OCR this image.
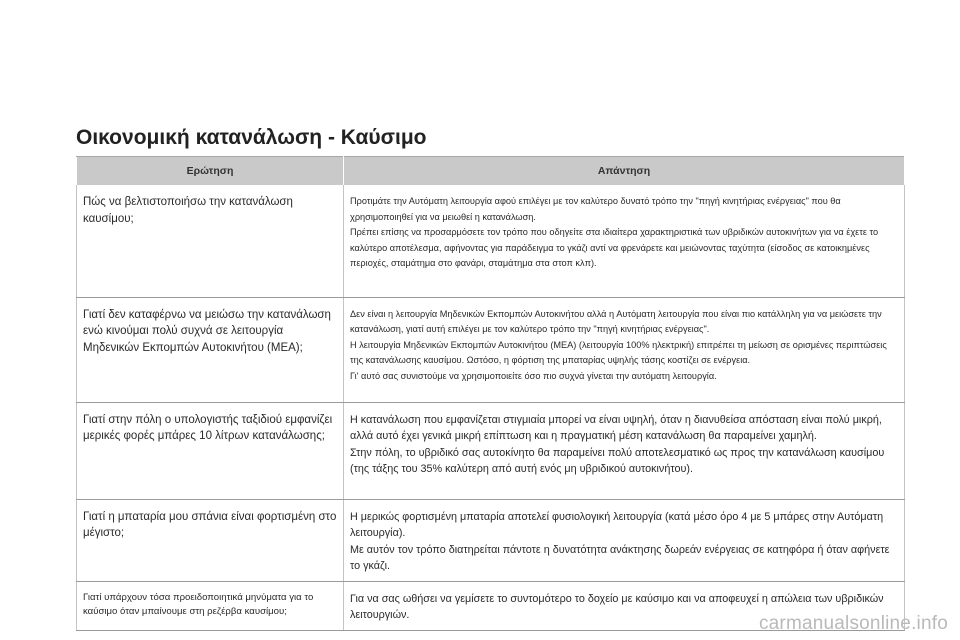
Οικονομική κατανάλωση - Καύσιμο
Ερώτηση	Απάντηση
Πώς να βελτιστοποιήσω την κατανάλωση καυσίμου;	Προτιμάτε την Αυτόματη λειτουργία αφού επιλέγει με τον καλύτερο δυνατό τρόπο την "πηγή κινητήριας ενέργειας" που θα χρησιμοποιηθεί για να μειωθεί η κατανάλωση.

Πρέπει επίσης να προσαρμόσετε τον τρόπο που οδηγείτε στα ιδιαίτερα χαρακτηριστικά των υβριδικών αυτοκινήτων για να έχετε το καλύτερο αποτέλεσμα, αφήνοντας για παράδειγμα το γκάζι αντί να φρενάρετε και μειώνοντας ταχύτητα (είσοδος σε κατοικημένες περιοχές, σταμάτημα στο φανάρι, σταμάτημα στα στοπ κλπ).

Γιατί δεν καταφέρνω να μειώσω την κατανάλωση ενώ κινούμαι πολύ συχνά σε λειτουργία Μηδενικών Εκπομπών Αυτοκινήτου (ΜΕΑ);	Δεν είναι η λειτουργία Μηδενικών Εκπομπών Αυτοκινήτου αλλά η Αυτόματη λειτουργία που είναι πιο κατάλληλη για να μειώσετε την κατανάλωση, γιατί αυτή επιλέγει με τον καλύτερο τρόπο την "πηγή κινητήριας ενέργειας".

Η λειτουργία Μηδενικών Εκπομπών Αυτοκινήτου (ΜΕΑ) (λειτουργία 100% ηλεκτρική) επιτρέπει τη μείωση σε ορισμένες περιπτώσεις της κατανάλωσης καυσίμου. Ωστόσο, η φόρτιση της μπαταρίας υψηλής τάσης κοστίζει σε ενέργεια.

Γι' αυτό σας συνιστούμε να χρησιμοποιείτε όσο πιο συχνά γίνεται την αυτόματη λειτουργία.

Γιατί στην πόλη ο υπολογιστής ταξιδιού εμφανίζει μερικές φορές μπάρες 10 λίτρων κατανάλωσης;	Η κατανάλωση που εμφανίζεται στιγμιαία μπορεί να είναι υψηλή, όταν η διανυθείσα απόσταση είναι πολύ μικρή, αλλά αυτό έχει γενικά μικρή επίπτωση και η πραγματική μέση κατανάλωση θα παραμείνει χαμηλή.

Στην πόλη, το υβριδικό σας αυτοκίνητο θα παραμείνει πολύ αποτελεσματικό ως προς την κατανάλωση καυσίμου (της τάξης του 35% καλύτερη από αυτή ενός μη υβριδικού αυτοκινήτου).

Γιατί η μπαταρία μου σπάνια είναι φορτισμένη στο μέγιστο;	Η μερικώς φορτισμένη μπαταρία αποτελεί φυσιολογική λειτουργία (κατά μέσο όρο 4 με 5 μπάρες στην Αυτόματη λειτουργία).

Με αυτόν τον τρόπο διατηρείται πάντοτε η δυνατότητα ανάκτησης δωρεάν ενέργειας σε κατηφόρα ή όταν αφήνετε το γκάζι.

Γιατί υπάρχουν τόσα προειδοποιητικά μηνύματα για το καύσιμο όταν μπαίνουμε στη ρεζέρβα καυσίμου;	Για να σας ωθήσει να γεμίσετε το συντομότερο το δοχείο με καύσιμο και να αποφευχεί η απώλεια των υβριδικών λειτουργιών.	carmanualsonline.info
